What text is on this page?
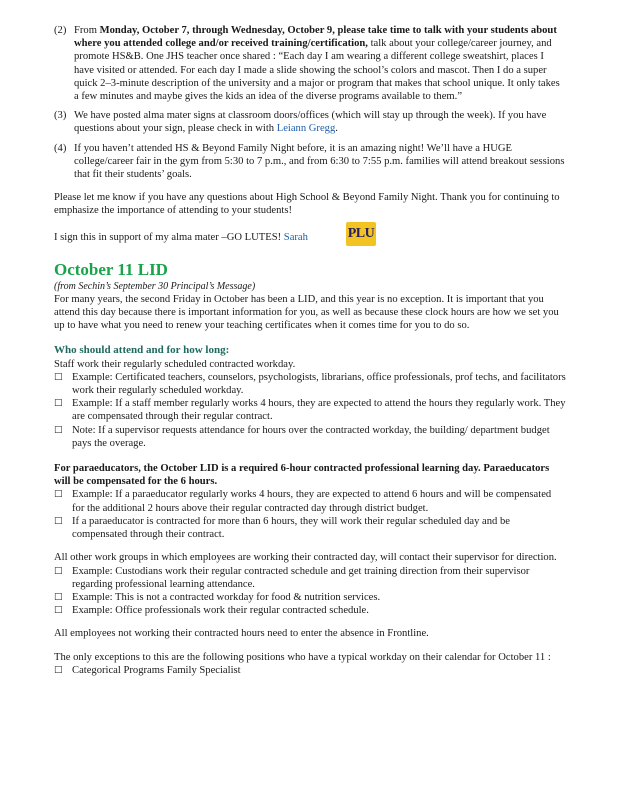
(2) From Monday, October 7, through Wednesday, October 9, please take time to talk with your students about where you attended college and/or received training/certification, talk about your college/career journey, and promote HS&B. One JHS teacher once shared : “Each day I am wearing a different college sweatshirt, places I have visited or attended. For each day I made a slide showing the school’s colors and mascot. Then I do a super quick 2–3-minute description of the university and a major or program that makes that school unique. It only takes a few minutes and maybe gives the kids an idea of the diverse programs available to them.”
(3) We have posted alma mater signs at classroom doors/offices (which will stay up through the week). If you have questions about your sign, please check in with Leiann Gregg.
(4) If you haven’t attended HS & Beyond Family Night before, it is an amazing night! We’ll have a HUGE college/career fair in the gym from 5:30 to 7 p.m., and from 6:30 to 7:55 p.m. families will attend breakout sessions that fit their students’ goals.
Please let me know if you have any questions about High School & Beyond Family Night. Thank you for continuing to emphasize the importance of attending to your students!
I sign this in support of my alma mater –GO LUTES! Sarah	PLU
October 11 LID
(from Sechin’s September 30 Principal’s Message)
For many years, the second Friday in October has been a LID, and this year is no exception. It is important that you attend this day because there is important information for you, as well as because these clock hours are how we set you up to have what you need to renew your teaching certificates when it comes time for you to do so.
Who should attend and for how long:
Staff work their regularly scheduled contracted workday.
□ Example: Certificated teachers, counselors, psychologists, librarians, office professionals, prof techs, and facilitators work their regularly scheduled workday.
□ Example: If a staff member regularly works 4 hours, they are expected to attend the hours they regularly work. They are compensated through their regular contract.
□ Note: If a supervisor requests attendance for hours over the contracted workday, the building/ department budget pays the overage.
For paraeducators, the October LID is a required 6-hour contracted professional learning day. Paraeducators will be compensated for the 6 hours.
□ Example: If a paraeducator regularly works 4 hours, they are expected to attend 6 hours and will be compensated for the additional 2 hours above their regular contracted day through district budget.
□ If a paraeducator is contracted for more than 6 hours, they will work their regular scheduled day and be compensated through their contract.
All other work groups in which employees are working their contracted day, will contact their supervisor for direction.
□ Example: Custodians work their regular contracted schedule and get training direction from their supervisor regarding professional learning attendance.
□ Example: This is not a contracted workday for food & nutrition services.
□ Example: Office professionals work their regular contracted schedule.
All employees not working their contracted hours need to enter the absence in Frontline.
The only exceptions to this are the following positions who have a typical workday on their calendar for October 11 :
□ Categorical Programs Family Specialist
